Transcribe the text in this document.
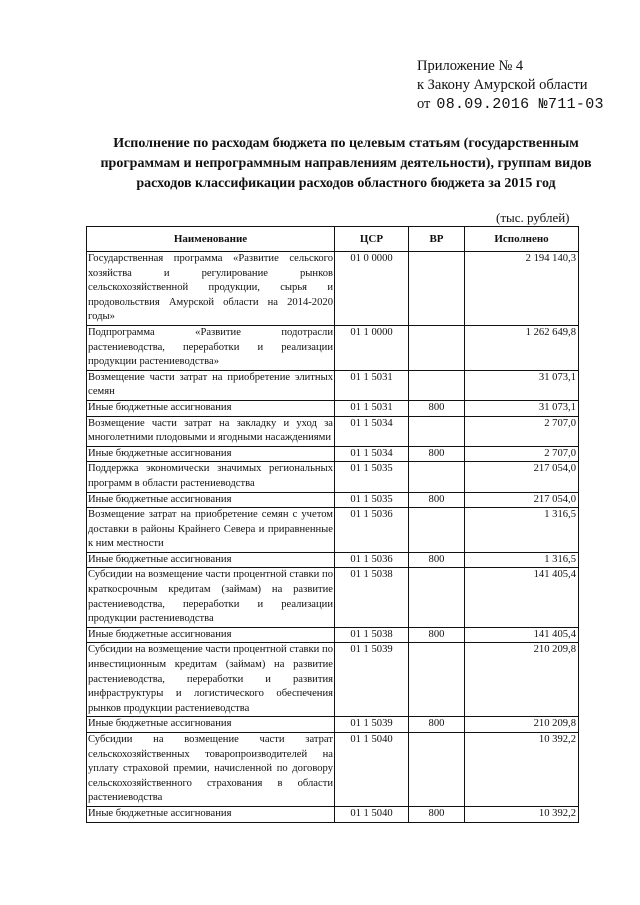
Приложение № 4
к Закону Амурской области
от 08.09.2016 №711-03
Исполнение по расходам бюджета по целевым статьям (государственным программам и непрограммным направлениям деятельности), группам видов расходов классификации расходов областного бюджета за 2015 год
(тыс. рублей)
Наименование	ЦСР	ВР	Исполнено
Государственная программа «Развитие сельского хозяйства и регулирование рынков сельскохозяйственной продукции, сырья и продовольствия Амурской области на 2014-2020 годы»	01 0 0000		2 194 140,3
Подпрограмма «Развитие подотрасли растениеводства, переработки и реализации продукции растениеводства»	01 1 0000		1 262 649,8
Возмещение части затрат на приобретение элитных семян	01 1 5031		31 073,1
Иные бюджетные ассигнования	01 1 5031	800	31 073,1
Возмещение части затрат на закладку и уход за многолетними плодовыми и ягодными насаждениями	01 1 5034		2 707,0
Иные бюджетные ассигнования	01 1 5034	800	2 707,0
Поддержка экономически значимых региональных программ в области растениеводства	01 1 5035		217 054,0
Иные бюджетные ассигнования	01 1 5035	800	217 054,0
Возмещение затрат на приобретение семян с учетом доставки в районы Крайнего Севера и приравненные к ним местности	01 1 5036		1 316,5
Иные бюджетные ассигнования	01 1 5036	800	1 316,5
Субсидии на возмещение части процентной ставки по краткосрочным кредитам (займам) на развитие растениеводства, переработки и реализации продукции растениеводства	01 1 5038		141 405,4
Иные бюджетные ассигнования	01 1 5038	800	141 405,4
Субсидии на возмещение части процентной ставки по инвестиционным кредитам (займам) на развитие растениеводства, переработки и развития инфраструктуры и логистического обеспечения рынков продукции растениеводства	01 1 5039		210 209,8
Иные бюджетные ассигнования	01 1 5039	800	210 209,8
Субсидии на возмещение части затрат сельскохозяйственных товаропроизводителей на уплату страховой премии, начисленной по договору сельскохозяйственного страхования в области растениеводства	01 1 5040		10 392,2
Иные бюджетные ассигнования	01 1 5040	800	10 392,2
